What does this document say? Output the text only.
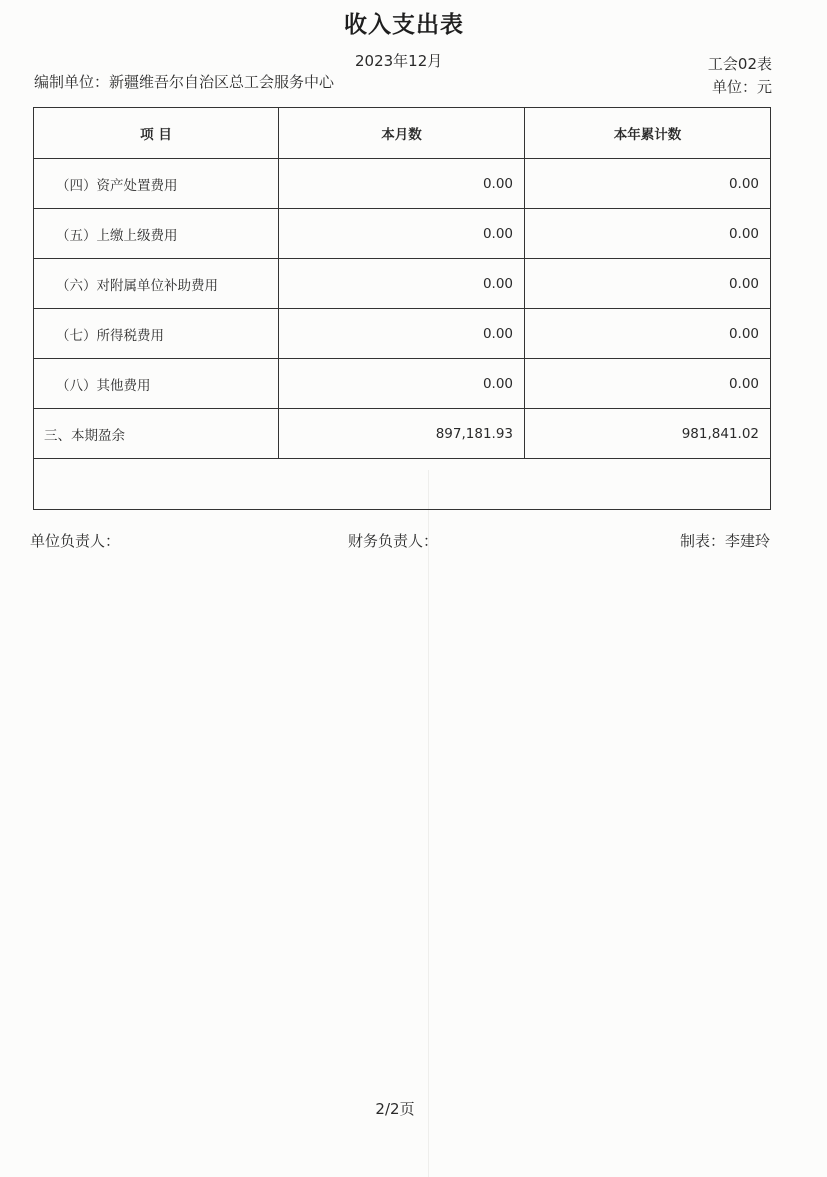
收入支出表
2023年12月	工会02表
编制单位：新疆维吾尔自治区总工会服务中心	单位：元
项 目	本月数	本年累计数
（四）资产处置费用	0.00	0.00
（五）上缴上级费用	0.00	0.00
（六）对附属单位补助费用	0.00	0.00
（七）所得税费用	0.00	0.00
（八）其他费用	0.00	0.00
三、本期盈余	897,181.93	981,841.02

单位负责人：	财务负责人：	制表：李建玲
2/2页
